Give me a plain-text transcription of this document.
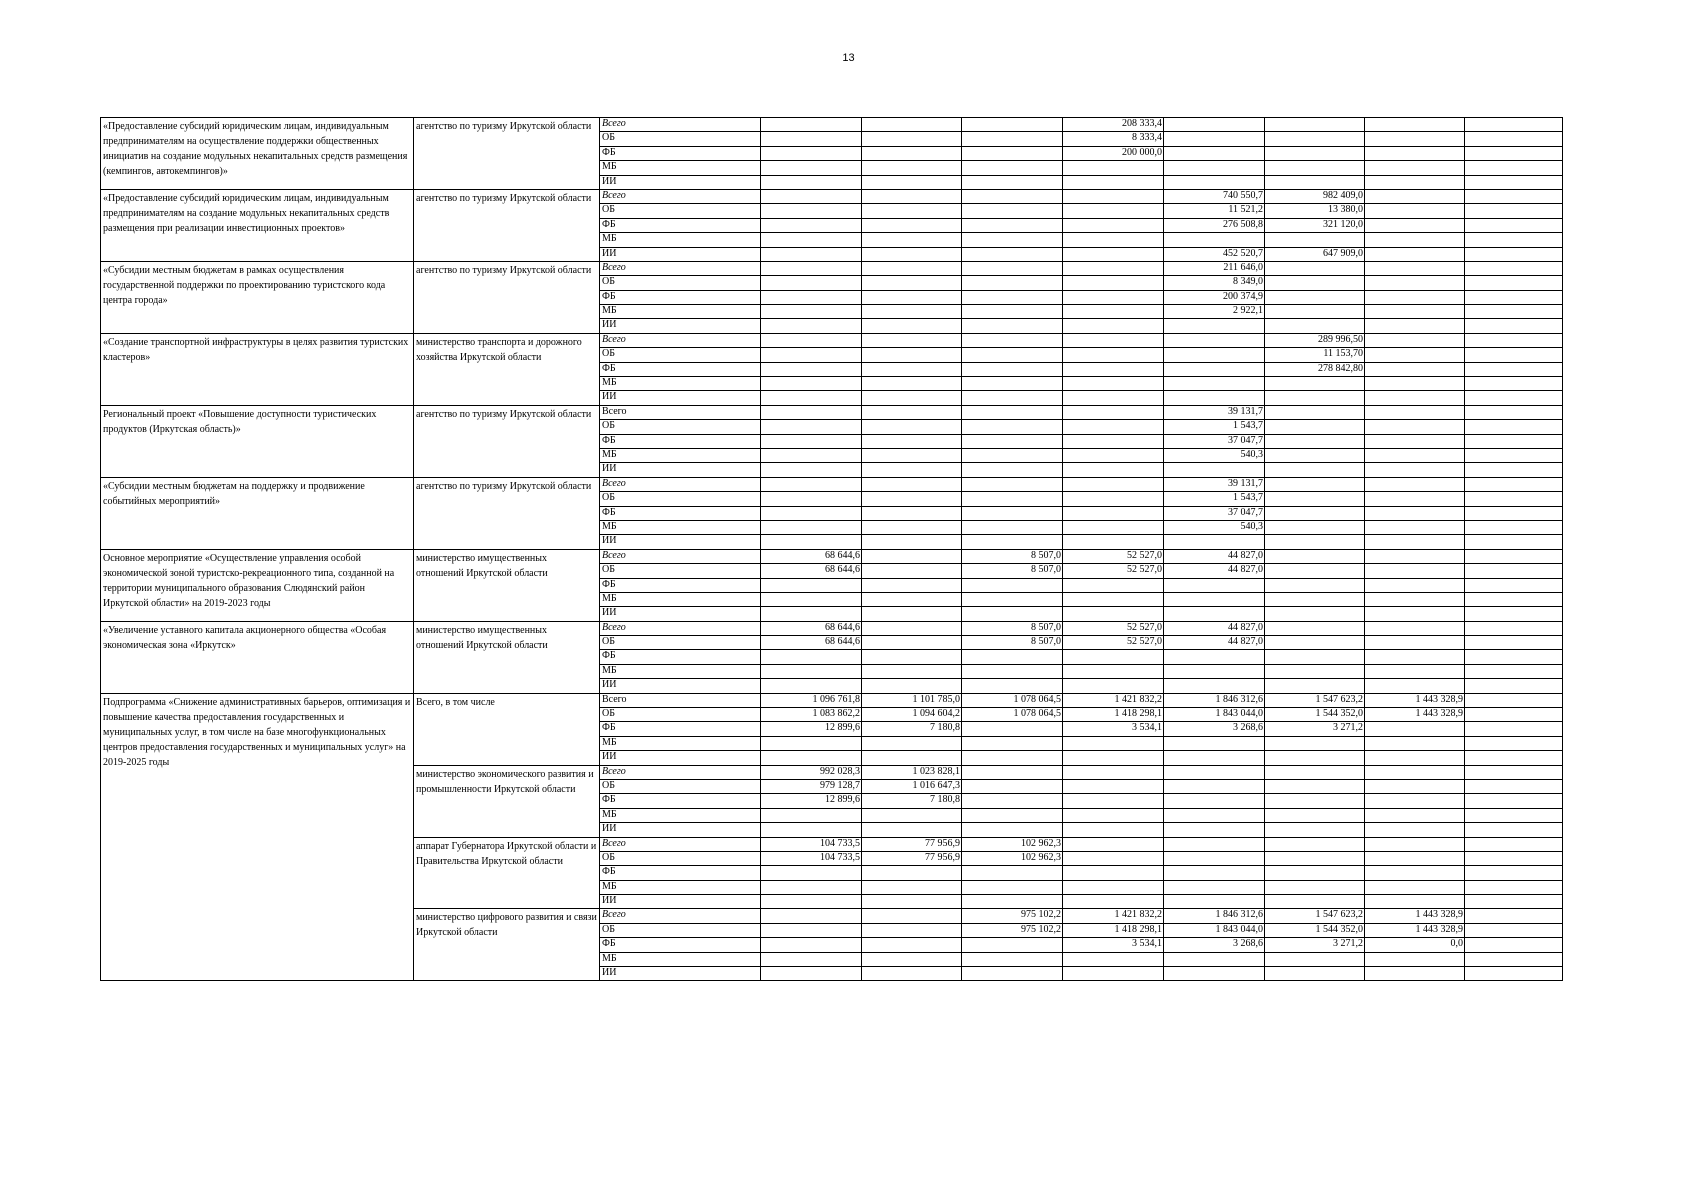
13
«Предоставление субсидий юридическим лицам, индивидуальным предпринимателям на осуществление поддержки общественных инициатив на создание модульных некапитальных средств размещения (кемпингов, автокемпингов)»	агентство по туризму Иркутской области	Всего				208 333,4				
		ОБ				8 333,4				
		ФБ				200 000,0				
		МБ								
		ИИ								
«Предоставление субсидий юридическим лицам, индивидуальным предпринимателям на создание модульных некапитальных средств размещения при реализации инвестиционных проектов»	агентство по туризму Иркутской области	Всего					740 550,7	982 409,0		
		ОБ					11 521,2	13 380,0		
		ФБ					276 508,8	321 120,0		
		МБ								
		ИИ					452 520,7	647 909,0		
«Субсидии местным бюджетам в рамках осуществления государственной поддержки по проектированию туристского кода центра города»	агентство по туризму Иркутской области	Всего					211 646,0			
		ОБ					8 349,0			
		ФБ					200 374,9			
		МБ					2 922,1			
		ИИ								
«Создание транспортной инфраструктуры в целях развития туристских кластеров»	министерство транспорта и дорожного хозяйства Иркутской области	Всего						289 996,50		
		ОБ						11 153,70		
		ФБ						278 842,80		
		МБ								
		ИИ								
Региональный проект «Повышение доступности туристических продуктов (Иркутская область)»	агентство по туризму Иркутской области	Всего					39 131,7			
		ОБ					1 543,7			
		ФБ					37 047,7			
		МБ					540,3			
		ИИ								
«Субсидии местным бюджетам на поддержку и продвижение событийных мероприятий»	агентство по туризму Иркутской области	Всего					39 131,7			
		ОБ					1 543,7			
		ФБ					37 047,7			
		МБ					540,3			
		ИИ								
Основное мероприятие «Осуществление управления особой экономической зоной туристско-рекреационного типа, созданной на территории муниципального образования Слюдянский район Иркутской области» на 2019-2023 годы	министерство имущественных отношений Иркутской области	Всего	68 644,6		8 507,0	52 527,0	44 827,0			
		ОБ	68 644,6		8 507,0	52 527,0	44 827,0			
		ФБ								
		МБ								
		ИИ								
«Увеличение уставного капитала акционерного общества «Особая экономическая зона «Иркутск»	министерство имущественных отношений Иркутской области	Всего	68 644,6		8 507,0	52 527,0	44 827,0			
		ОБ	68 644,6		8 507,0	52 527,0	44 827,0			
		ФБ								
		МБ								
		ИИ								
Подпрограмма «Снижение административных барьеров, оптимизация и повышение качества предоставления государственных и муниципальных услуг, в том числе на базе многофункциональных центров предоставления государственных и муниципальных услуг» на 2019-2025 годы	Всего, в том числе	Всего	1 096 761,8	1 101 785,0	1 078 064,5	1 421 832,2	1 846 312,6	1 547 623,2	1 443 328,9	
		ОБ	1 083 862,2	1 094 604,2	1 078 064,5	1 418 298,1	1 843 044,0	1 544 352,0	1 443 328,9	
		ФБ	12 899,6	7 180,8		3 534,1	3 268,6	3 271,2		
		МБ								
		ИИ								
	министерство экономического развития и промышленности Иркутской области	Всего	992 028,3	1 023 828,1						
		ОБ	979 128,7	1 016 647,3						
		ФБ	12 899,6	7 180,8						
		МБ								
		ИИ								
	аппарат Губернатора Иркутской области и Правительства Иркутской области	Всего	104 733,5	77 956,9	102 962,3					
		ОБ	104 733,5	77 956,9	102 962,3					
		ФБ								
		МБ								
		ИИ								
	министерство цифрового развития и связи Иркутской области	Всего			975 102,2	1 421 832,2	1 846 312,6	1 547 623,2	1 443 328,9	
		ОБ			975 102,2	1 418 298,1	1 843 044,0	1 544 352,0	1 443 328,9	
		ФБ				3 534,1	3 268,6	3 271,2	0,0	
		МБ								
		ИИ								
